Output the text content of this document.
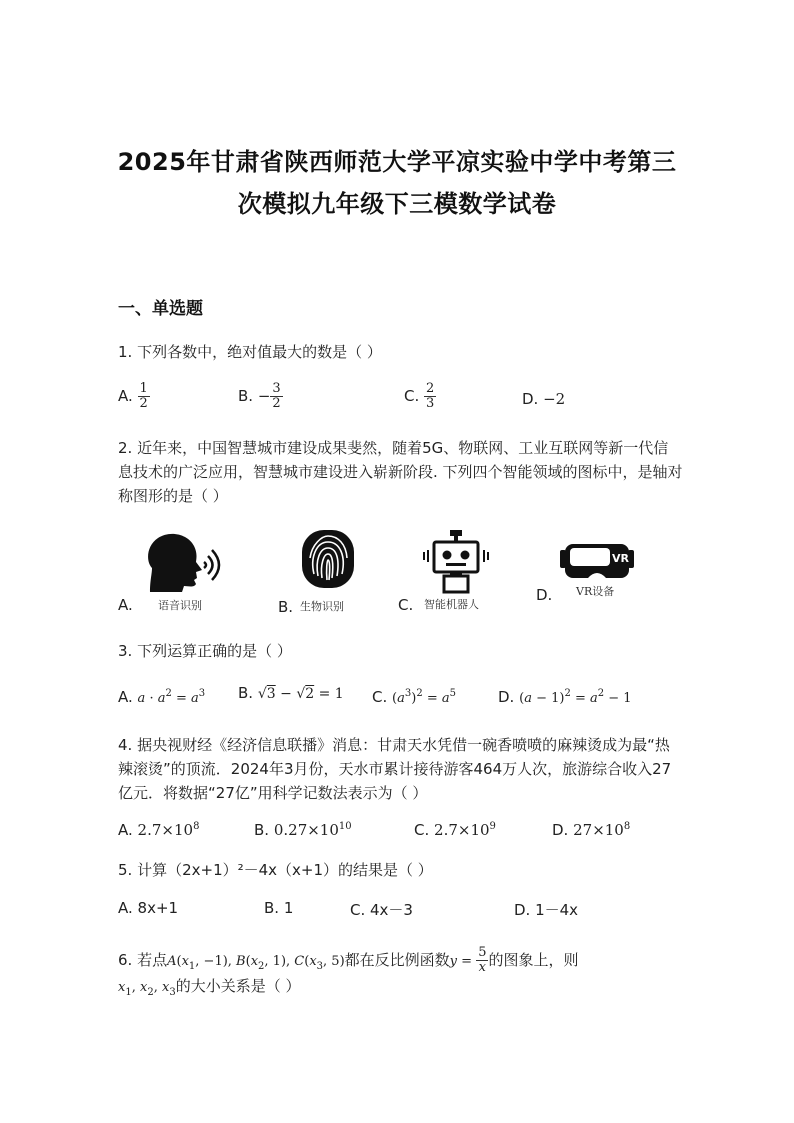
2025年甘肃省陕西师范大学平凉实验中学中考第三
次模拟九年级下三模数学试卷
一、单选题
1. 下列各数中，绝对值最大的数是（ ）
A. $\frac{1}{2}$	B. − $\frac{3}{2}$	C. $\frac{2}{3}$	D. −2
2. 近年来，中国智慧城市建设成果斐然，随着5G、物联网、工业互联网等新一代信息技术的广泛应用，智慧城市建设进入崭新阶段. 下列四个智能领域的图标中，是轴对称图形的是（ ）
A. 语音识别	B. 生物识别	C. 智能机器人
VR
D. VR设备
3. 下列运算正确的是（ ）
A. $a \cdot a^2 = a^3$ B. √3 − √2 = 1 C. $(a^3)^2 = a^5$	D. $(a - 1)^2 = a^2 - 1$
4. 据央视财经《经济信息联播》消息：甘肃天水凭借一碗香喷喷的麻辣烫成为最“热辣滚烫”的顶流．2024年3月份，天水市累计接待游客464万人次，旅游综合收入27亿元．将数据“27亿”用科学记数法表示为（ ）
A. $2.7\times 10^8$	B. $0.27\times 10^{10}$	C. $2.7\times 10^9$	D. $27\times 10^8$
5. 计算（2x+1）²－4x（x+1）的结果是（ ）
A. 8x+1	B. 1	C. 4x－3	D. 1－4x
6. 若点$A(x_1$, −1), $B(x_2$, 1), $C(x_3$, 5)都在反比例函数$y = \frac{5}{x}$ 的图象上，则
$x_1$, $x_2$, $x_3$的大小关系是（ ）
